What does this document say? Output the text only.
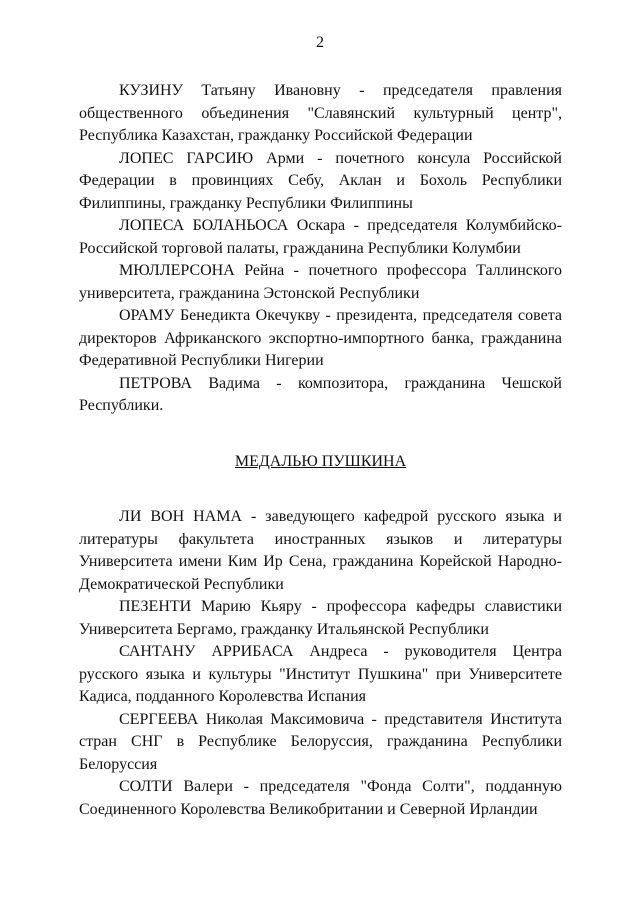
2

КУЗИНУ Татьяну Ивановну - председателя правления общественного объединения "Славянский культурный центр", Республика Казахстан, гражданку Российской Федерации

ЛОПЕС ГАРСИЮ Арми - почетного консула Российской Федерации в провинциях Себу, Аклан и Бохоль Республики Филиппины, гражданку Республики Филиппины

ЛОПЕСА БОЛАНЬОСА Оскара - председателя Колумбийско-Российской торговой палаты, гражданина Республики Колумбии

МЮЛЛЕРСОНА Рейна - почетного профессора Таллинского университета, гражданина Эстонской Республики

ОРАМУ Бенедикта Окечукву - президента, председателя совета директоров Африканского экспортно-импортного банка, гражданина Федеративной Республики Нигерии

ПЕТРОВА Вадима - композитора, гражданина Чешской Республики.

МЕДАЛЬЮ ПУШКИНА

ЛИ ВОН НАМА - заведующего кафедрой русского языка и литературы факультета иностранных языков и литературы Университета имени Ким Ир Сена, гражданина Корейской Народно-Демократической Республики

ПЕЗЕНТИ Марию Кьяру - профессора кафедры славистики Университета Бергамо, гражданку Итальянской Республики

САНТАНУ АРРИБАСА Андреса - руководителя Центра русского языка и культуры "Институт Пушкина" при Университете Кадиса, подданного Королевства Испания

СЕРГЕЕВА Николая Максимовича - представителя Института стран СНГ в Республике Белоруссия, гражданина Республики Белоруссия

СОЛТИ Валери - председателя "Фонда Солти", подданную Соединенного Королевства Великобритании и Северной Ирландии
